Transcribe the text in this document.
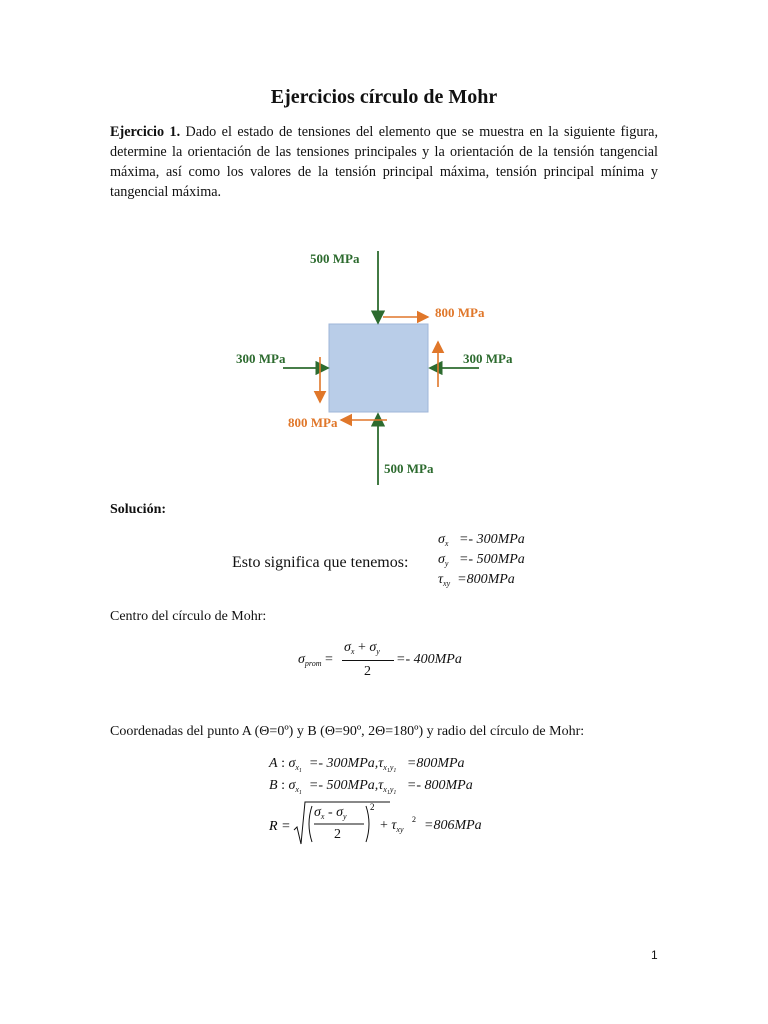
Ejercicios círculo de Mohr
Ejercicio 1. Dado el estado de tensiones del elemento que se muestra en la siguiente figura, determine la orientación de las tensiones principales y la orientación de la tensión tangencial máxima, así como los valores de la tensión principal máxima, tensión principal mínima y tangencial máxima.
500 MPa
800 MPa
300 MPa	300 MPa
800 MPa
500 MPa
Solución:
Esto significa que tenemos:
$\sigma_x =- 300MPa$
$\sigma_y =- 500MPa$
$\tau_{xy} =800MPa$
Centro del círculo de Mohr:
$\sigma_{prom}$ =
$\sigma_x + \sigma_y$
2
=- 400MPa
Coordenadas del punto A (Θ=0º) y B (Θ=90º, 2Θ=180º) y radio del círculo de Mohr:
A : $\sigma_{x_1} =- 300MPa,\tau_{x_1y_1} =800MPa$
B : $\sigma_{x_1} =- 500MPa,\tau_{x_1y_1} =- 800MPa$
R =
2
2
$\sigma_x - \sigma_y$
2
+ $\tau_{xy} =806MPa$
1
